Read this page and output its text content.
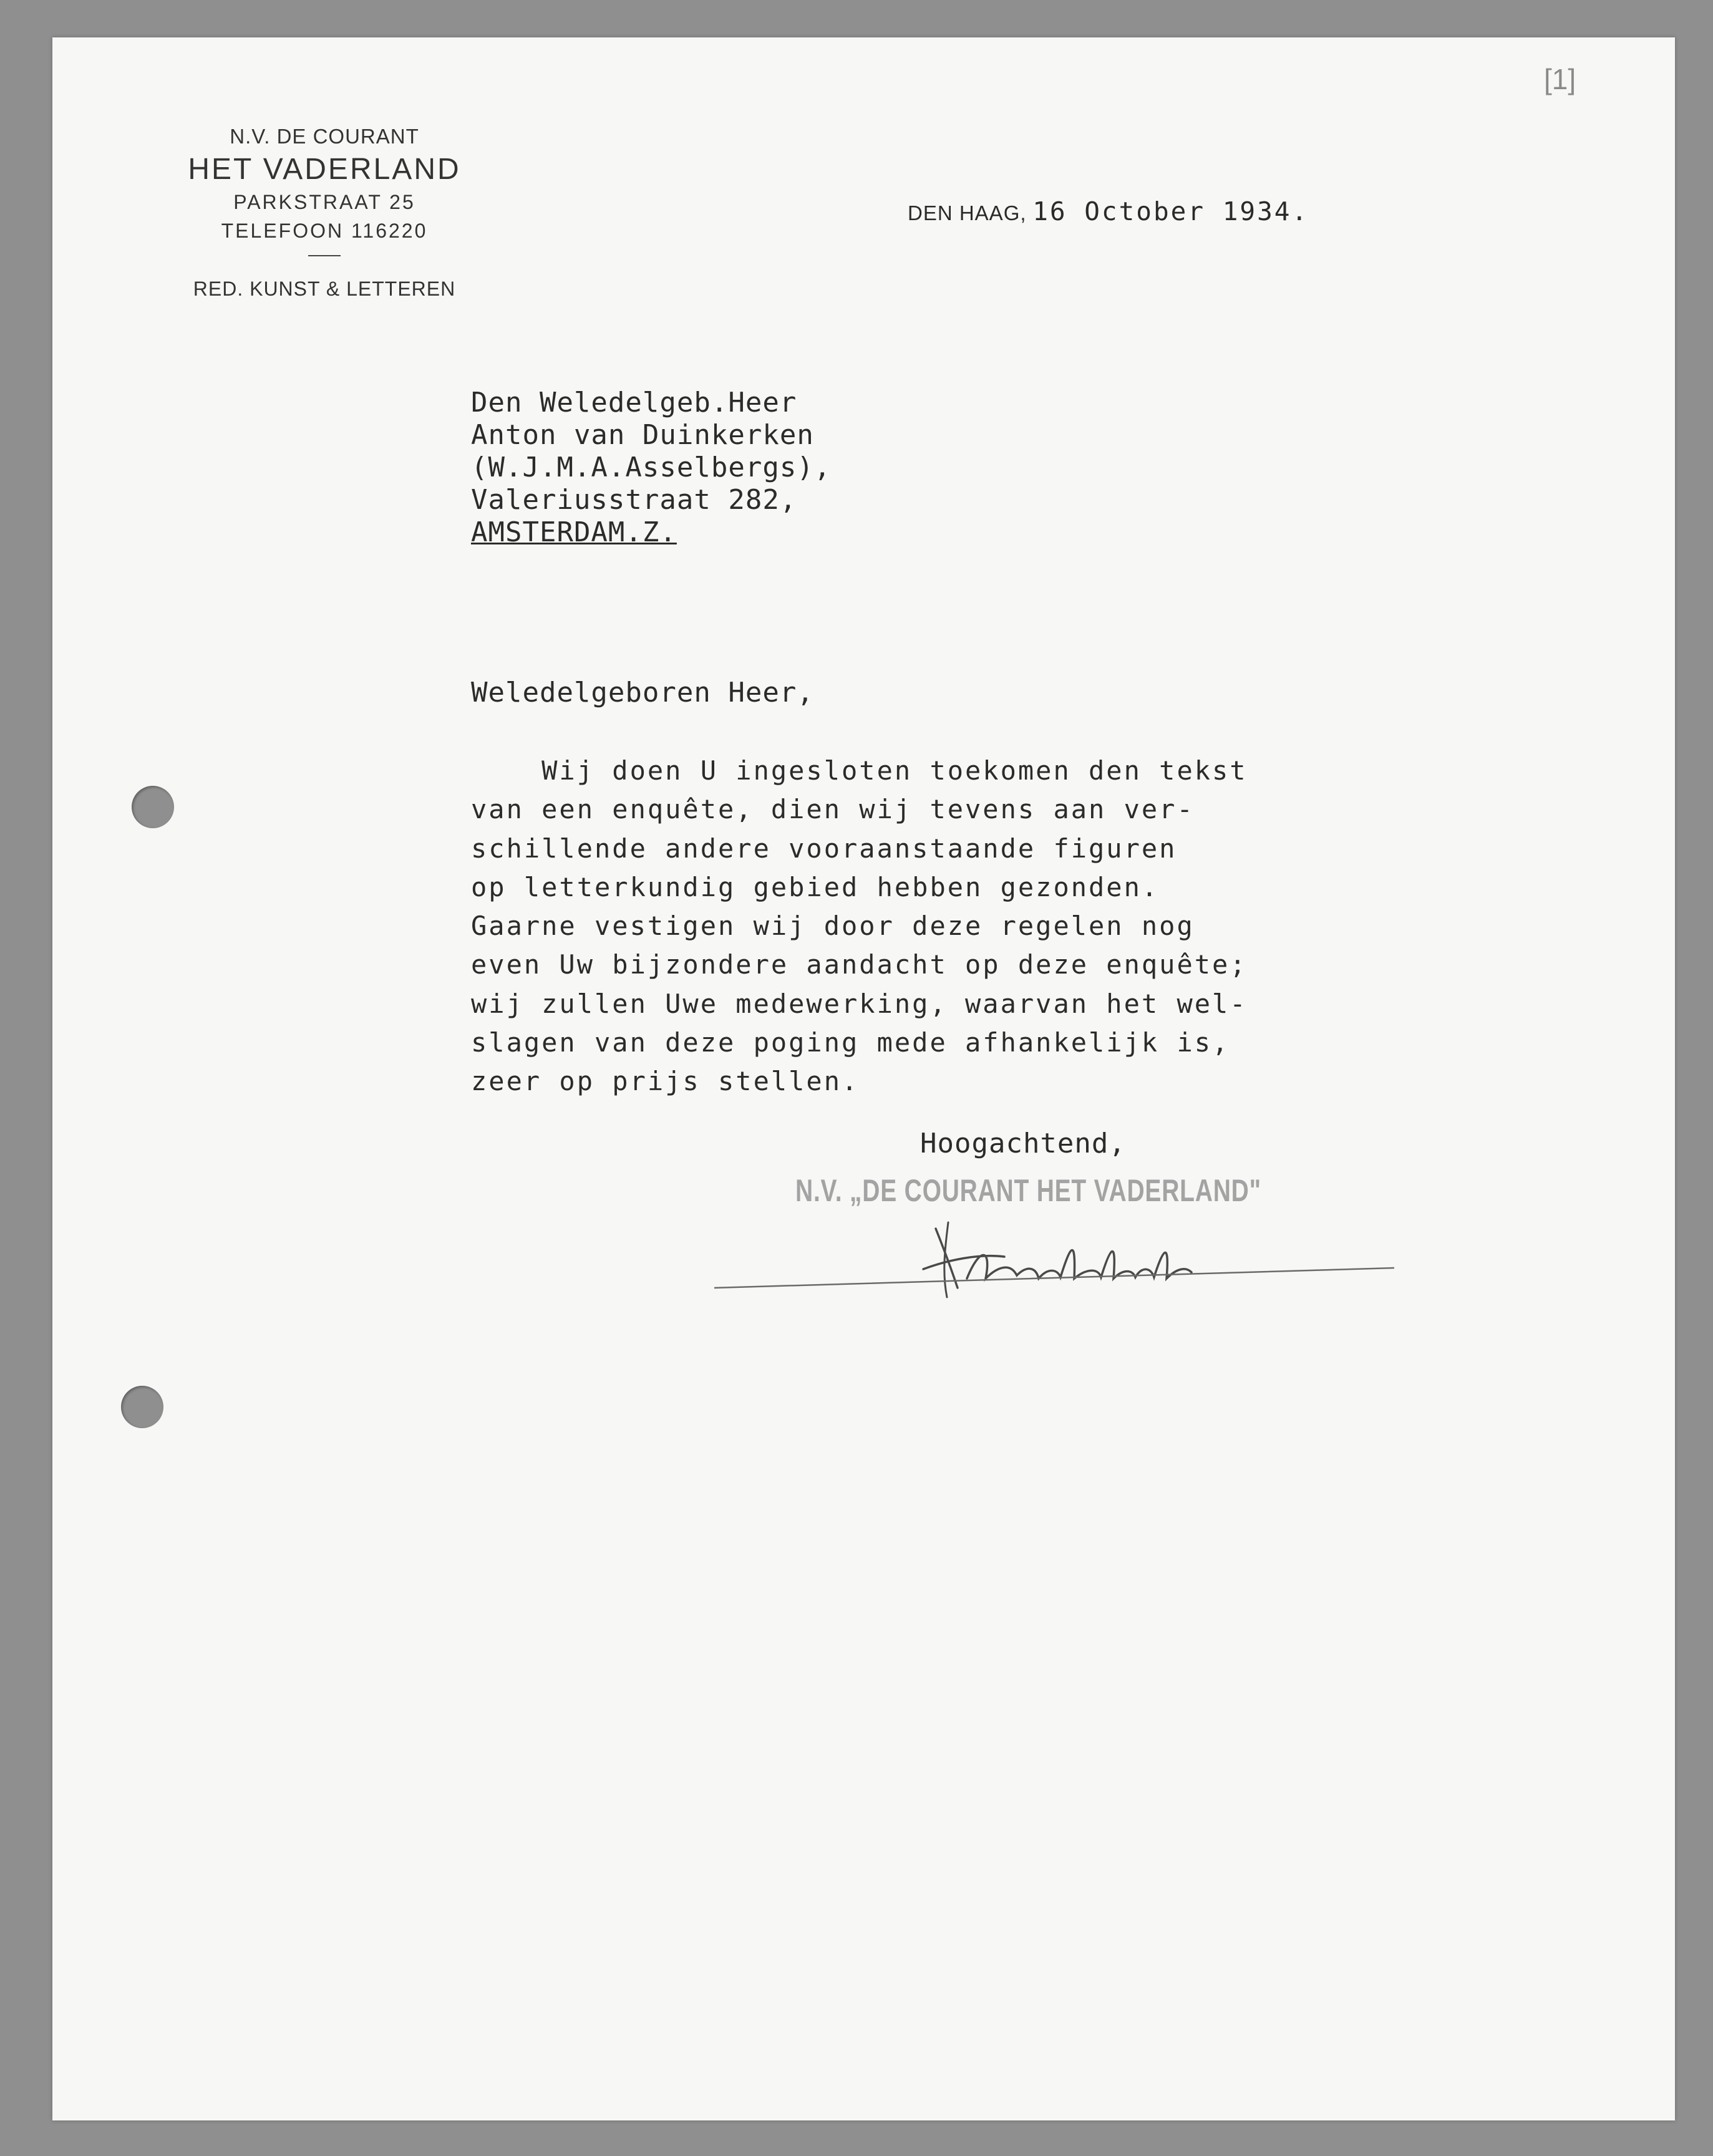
[1]
N.V. DE COURANT
HET VADERLAND
PARKSTRAAT 25
TELEFOON 116220
RED. KUNST & LETTEREN
DEN HAAG, 16 October 1934.
Den Weledelgeb.Heer
Anton van Duinkerken
(W.J.M.A.Asselbergs),
Valeriusstraat 282,
AMSTERDAM.Z.
Weledelgeboren Heer,
Wij doen U ingesloten toekomen den tekst
van een enquête, dien wij tevens aan ver-
schillende andere vooraanstaande figuren
op letterkundig gebied hebben gezonden.
Gaarne vestigen wij door deze regelen nog
even Uw bijzondere aandacht op deze enquête;
wij zullen Uwe medewerking, waarvan het wel-
slagen van deze poging mede afhankelijk is,
zeer op prijs stellen.
Hoogachtend,
N.V. „DE COURANT HET VADERLAND"
